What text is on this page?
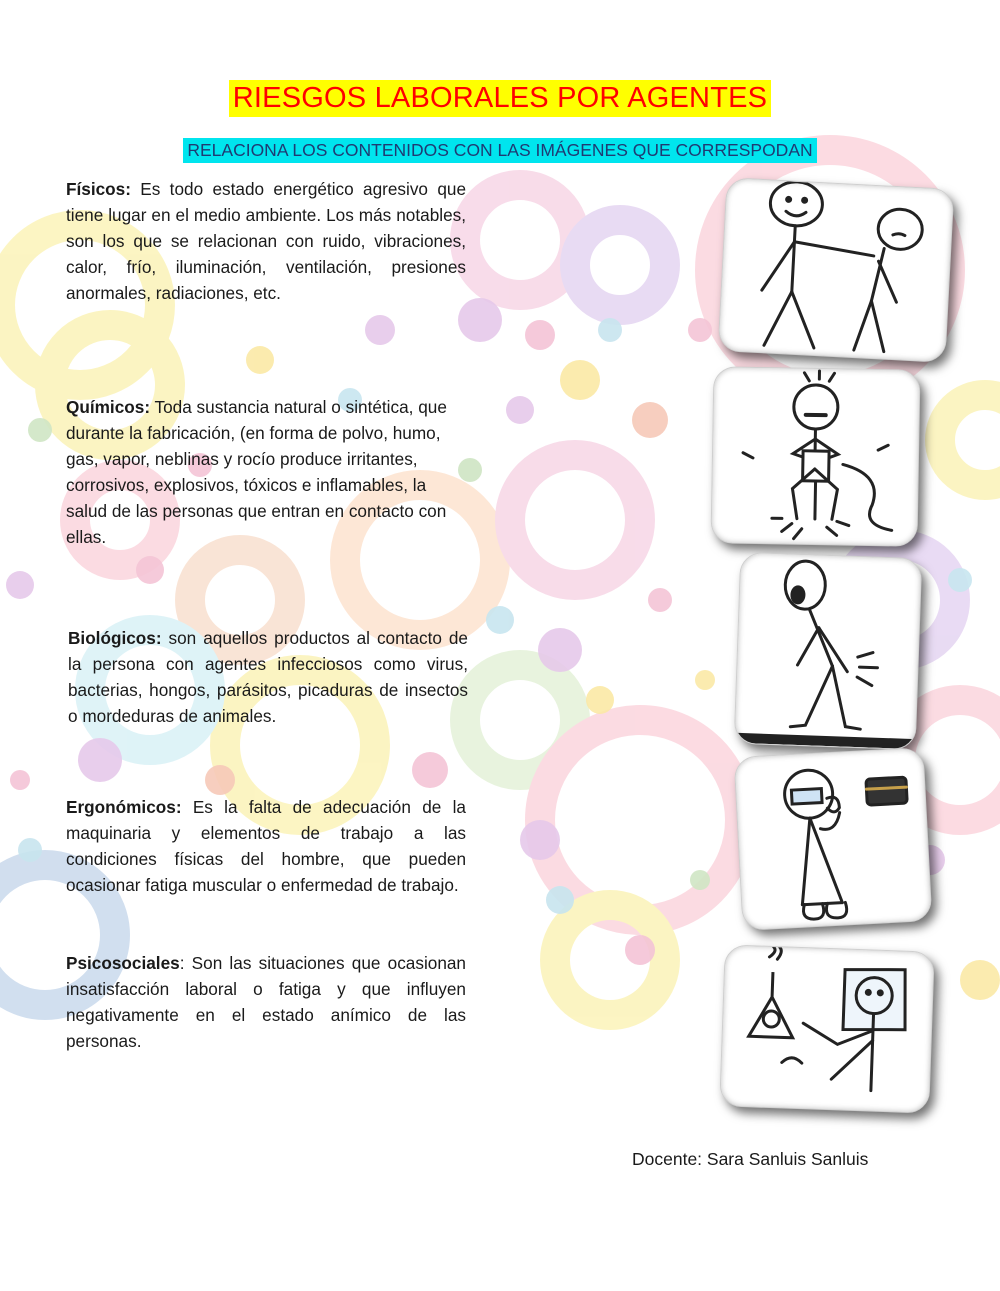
RIESGOS LABORALES POR AGENTES
RELACIONA LOS CONTENIDOS CON LAS IMÁGENES QUE CORRESPODAN
Físicos: Es todo estado energético agresivo que tiene lugar en el medio ambiente. Los más notables, son los que se relacionan con ruido, vibraciones, calor, frío, iluminación, ventilación, presiones anormales, radiaciones, etc.
Químicos: Toda sustancia natural o sintética, que durante la fabricación, (en forma de polvo, humo, gas, vapor, neblinas y rocío produce irritantes, corrosivos, explosivos, tóxicos e inflamables, la salud de las personas que entran en contacto con ellas.
Biológicos: son aquellos productos al contacto de la persona con agentes infecciosos como virus, bacterias, hongos, parásitos, picaduras de insectos o mordeduras de animales.
Ergonómicos: Es la falta de adecuación de la maquinaria y elementos de trabajo a las condiciones físicas del hombre, que pueden ocasionar fatiga muscular o enfermedad de trabajo.
Psicosociales: Son las situaciones que ocasionan insatisfacción laboral o fatiga y que influyen negativamente en el estado anímico de las personas.
Docente: Sara Sanluis Sanluis
